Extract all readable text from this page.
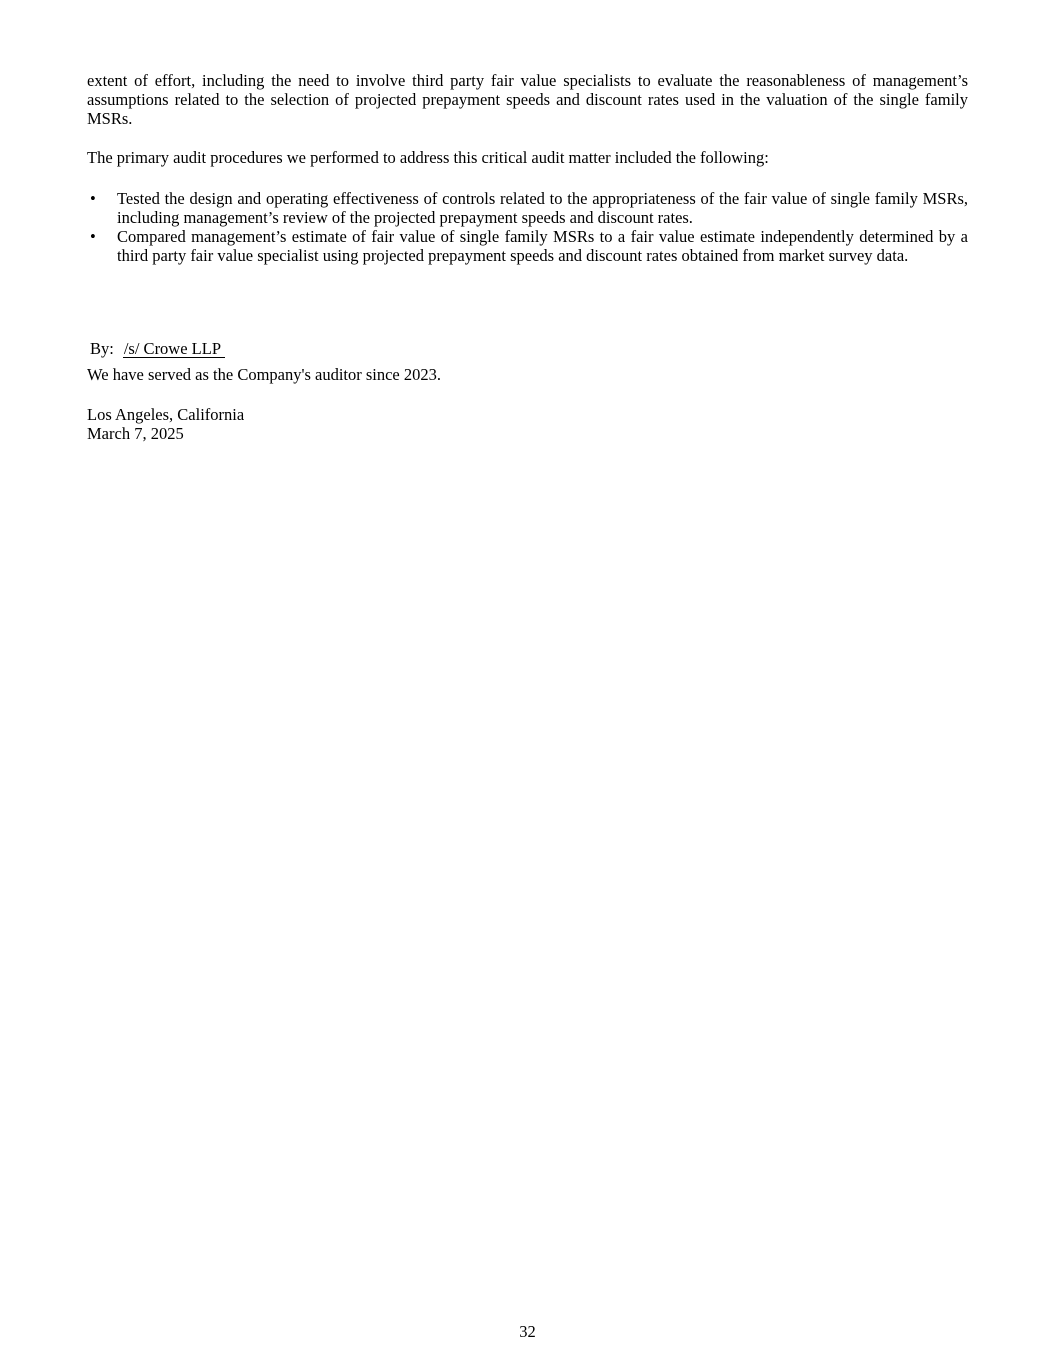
extent of effort, including the need to involve third party fair value specialists to evaluate the reasonableness of management’s assumptions related to the selection of projected prepayment speeds and discount rates used in the valuation of the single family MSRs.

The primary audit procedures we performed to address this critical audit matter included the following:

•	Tested the design and operating effectiveness of controls related to the appropriateness of the fair value of single family MSRs, including management’s review of the projected prepayment speeds and discount rates.
•	Compared management’s estimate of fair value of single family MSRs to a fair value estimate independently determined by a third party fair value specialist using projected prepayment speeds and discount rates obtained from market survey data.

By: /s/ Crowe LLP

We have served as the Company's auditor since 2023.

Los Angeles, California

March 7, 2025

32
